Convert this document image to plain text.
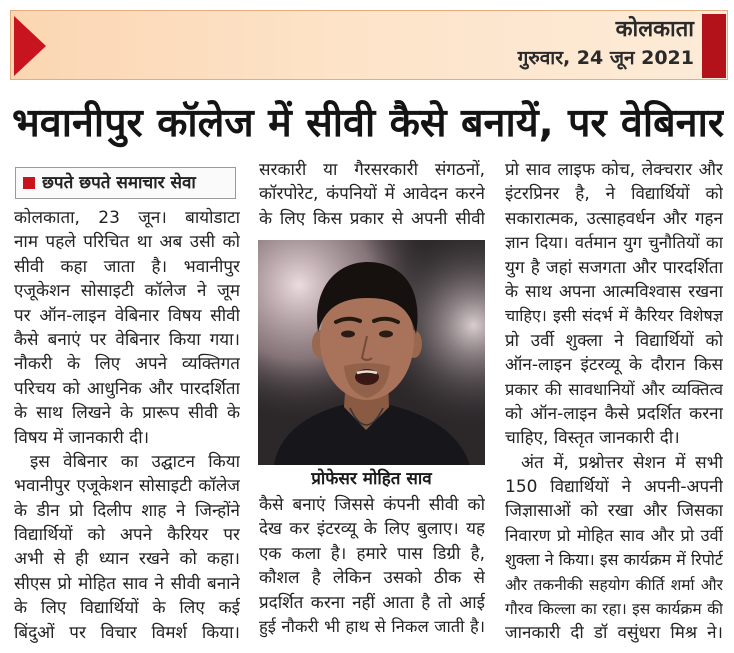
कोलकाता
गुरुवार, 24 जून 2021
भवानीपुर कॉलेज में सीवी कैसे बनायें, पर वेबिनार
छपते छपते समाचार सेवा
कोलकाता, 23 जून। बायोडाटा
नाम पहले परिचित था अब उसी को
सीवी कहा जाता है। भवानीपुर
एजूकेशन सोसाइटी कॉलेज ने जूम
पर ऑन-लाइन वेबिनार विषय सीवी
कैसे बनाएं पर वेबिनार किया गया।
नौकरी के लिए अपने व्यक्तिगत
परिचय को आधुनिक और पारदर्शिता
के साथ लिखने के प्रारूप सीवी के
विषय में जानकारी दी।
इस वेबिनार का उद्घाटन किया
भवानीपुर एजूकेशन सोसाइटी कॉलेज
के डीन प्रो दिलीप शाह ने जिन्होंने
विद्यार्थियों को अपने कैरियर पर
अभी से ही ध्यान रखने को कहा।
सीएस प्रो मोहित साव ने सीवी बनाने
के लिए विद्यार्थियों के लिए कई
बिंदुओं पर विचार विमर्श किया।
सरकारी या गैरसरकारी संगठनों,
कॉरपोरेट, कंपनियों में आवेदन करने
के लिए किस प्रकार से अपनी सीवी
प्रोफेसर मोहित साव
कैसे बनाएं जिससे कंपनी सीवी को
देख कर इंटरव्यू के लिए बुलाए। यह
एक कला है। हमारे पास डिग्री है,
कौशल है लेकिन उसको ठीक से
प्रदर्शित करना नहीं आता है तो आई
हुई नौकरी भी हाथ से निकल जाती है।
प्रो साव लाइफ कोच, लेक्चरार और
इंटरप्रिनर है, ने विद्यार्थियों को
सकारात्मक, उत्साहवर्धन और गहन
ज्ञान दिया। वर्तमान युग चुनौतियों का
युग है जहां सजगता और पारदर्शिता
के साथ अपना आत्मविश्वास रखना
चाहिए। इसी संदर्भ में कैरियर विशेषज्ञ
प्रो उर्वी शुक्ला ने विद्यार्थियों को
ऑन-लाइन इंटरव्यू के दौरान किस
प्रकार की सावधानियों और व्यक्तित्व
को ऑन-लाइन कैसे प्रदर्शित करना
चाहिए, विस्तृत जानकारी दी।
अंत में, प्रश्नोत्तर सेशन में सभी
150 विद्यार्थियों ने अपनी-अपनी
जिज्ञासाओं को रखा और जिसका
निवारण प्रो मोहित साव और प्रो उर्वी
शुक्ला ने किया। इस कार्यक्रम में रिपोर्ट
और तकनीकी सहयोग कीर्ति शर्मा और
गौरव किल्ला का रहा। इस कार्यक्रम की
जानकारी दी डॉ वसुंधरा मिश्र ने।
